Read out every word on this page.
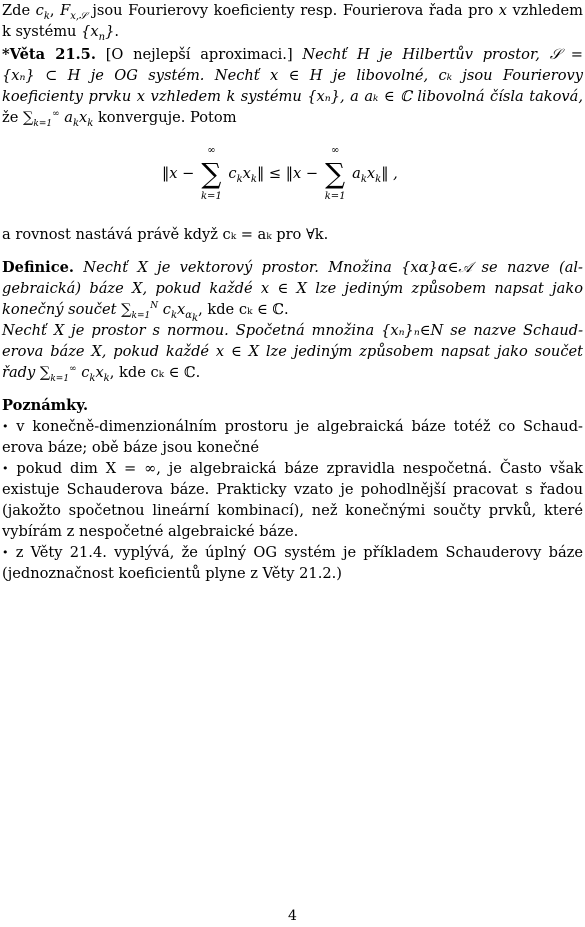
Zde $c_k$, $F_{x,𝒮}$ jsou Fourierovy koeficienty resp. Fourierova řada pro x vzhledem
k systému $\{x_n\}$.
*Věta 21.5. [O nejlepší aproximaci.] Nechť H je Hilbertův prostor, 𝒮 =
{xₙ} ⊂ H je OG systém. Nechť x ∈ H je libovolné, cₖ jsou Fourierovy
koeficienty prvku x vzhledem k systému {xₙ}, a aₖ ∈ ℂ libovolná čísla taková,
že $\sum_{k=1}^\infty$ $a_kx_k$ konverguje. Potom
‖x −
∞
∑
k=1
$c_kx_k‖$ ≤ ‖x −
∞
∑
k=1
$a_kx_k‖$ ,
a rovnost nastává právě když cₖ = aₖ pro ∀k.
Definice. Nechť X je vektorový prostor. Množina {xα}α∈𝒜 se nazve (al-
gebraická) báze X, pokud každé x ∈ X lze jediným způsobem napsat jako
konečný součet $\sum_{k=1}^N$ $c_kx_{\alpha_k}$, kde cₖ ∈ ℂ.
Nechť X je prostor s normou. Spočetná množina {xₙ}ₙ∈N se nazve Schaud-
erova báze X, pokud každé x ∈ X lze jediným způsobem napsat jako součet
řady $\sum_{k=1}^\infty$ $c_kx_k$, kde cₖ ∈ ℂ.
Poznámky.
• v konečně-dimenzionálním prostoru je algebraická báze totéž co Schaud-
erova báze; obě báze jsou konečné
• pokud dim X = ∞, je algebraická báze zpravidla nespočetná. Často však
existuje Schauderova báze. Prakticky vzato je pohodlnější pracovat s řadou
(jakožto spočetnou lineární kombinací), než konečnými součty prvků, které
vybírám z nespočetné algebraické báze.
• z Věty 21.4. vyplývá, že úplný OG systém je příkladem Schauderovy báze
(jednoznačnost koeficientů plyne z Věty 21.2.)
4
